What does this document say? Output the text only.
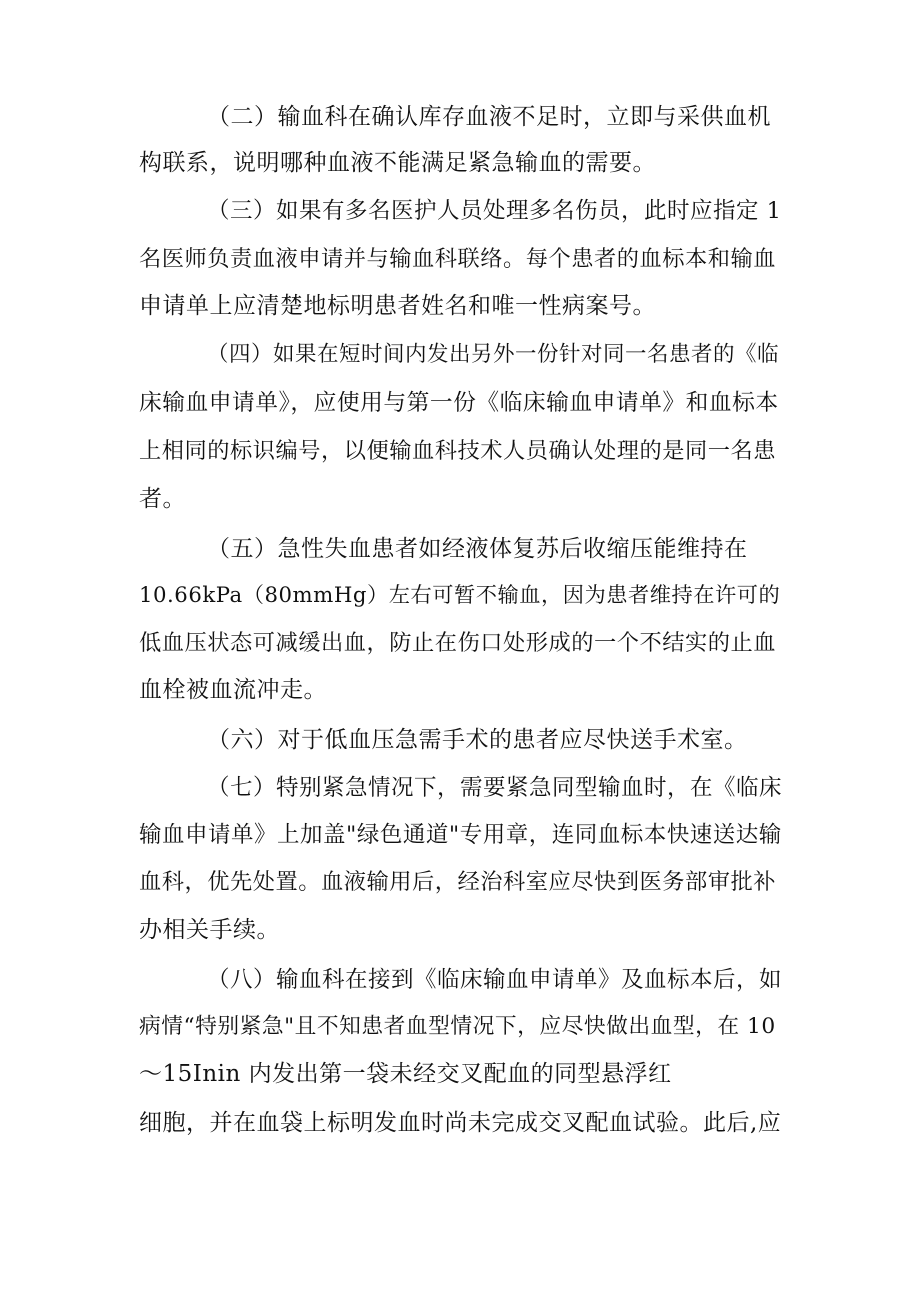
（二）输血科在确认库存血液不足时，立即与采供血机
构联系，说明哪种血液不能满足紧急输血的需要。
（三）如果有多名医护人员处理多名伤员，此时应指定 1
名医师负责血液申请并与输血科联络。每个患者的血标本和输血
申请单上应清楚地标明患者姓名和唯一性病案号。
（四）如果在短时间内发出另外一份针对同一名患者的《临
床输血申请单》，应使用与第一份《临床输血申请单》和血标本
上相同的标识编号，以便输血科技术人员确认处理的是同一名患
者。
（五）急性失血患者如经液体复苏后收缩压能维持在
10.66kPa（80mmHg）左右可暂不输血，因为患者维持在许可的
低血压状态可减缓出血，防止在伤口处形成的一个不结实的止血
血栓被血流冲走。
（六）对于低血压急需手术的患者应尽快送手术室。
（七）特别紧急情况下，需要紧急同型输血时，在《临床
输血申请单》上加盖"绿色通道"专用章，连同血标本快速送达输
血科，优先处置。血液输用后，经治科室应尽快到医务部审批补
办相关手续。
（八）输血科在接到《临床输血申请单》及血标本后，如
病情“特别紧急"且不知患者血型情况下，应尽快做出血型，在 10
～15Inin 内发出第一袋未经交叉配血的同型悬浮红
细胞，并在血袋上标明发血时尚未完成交叉配血试验。此后,应
